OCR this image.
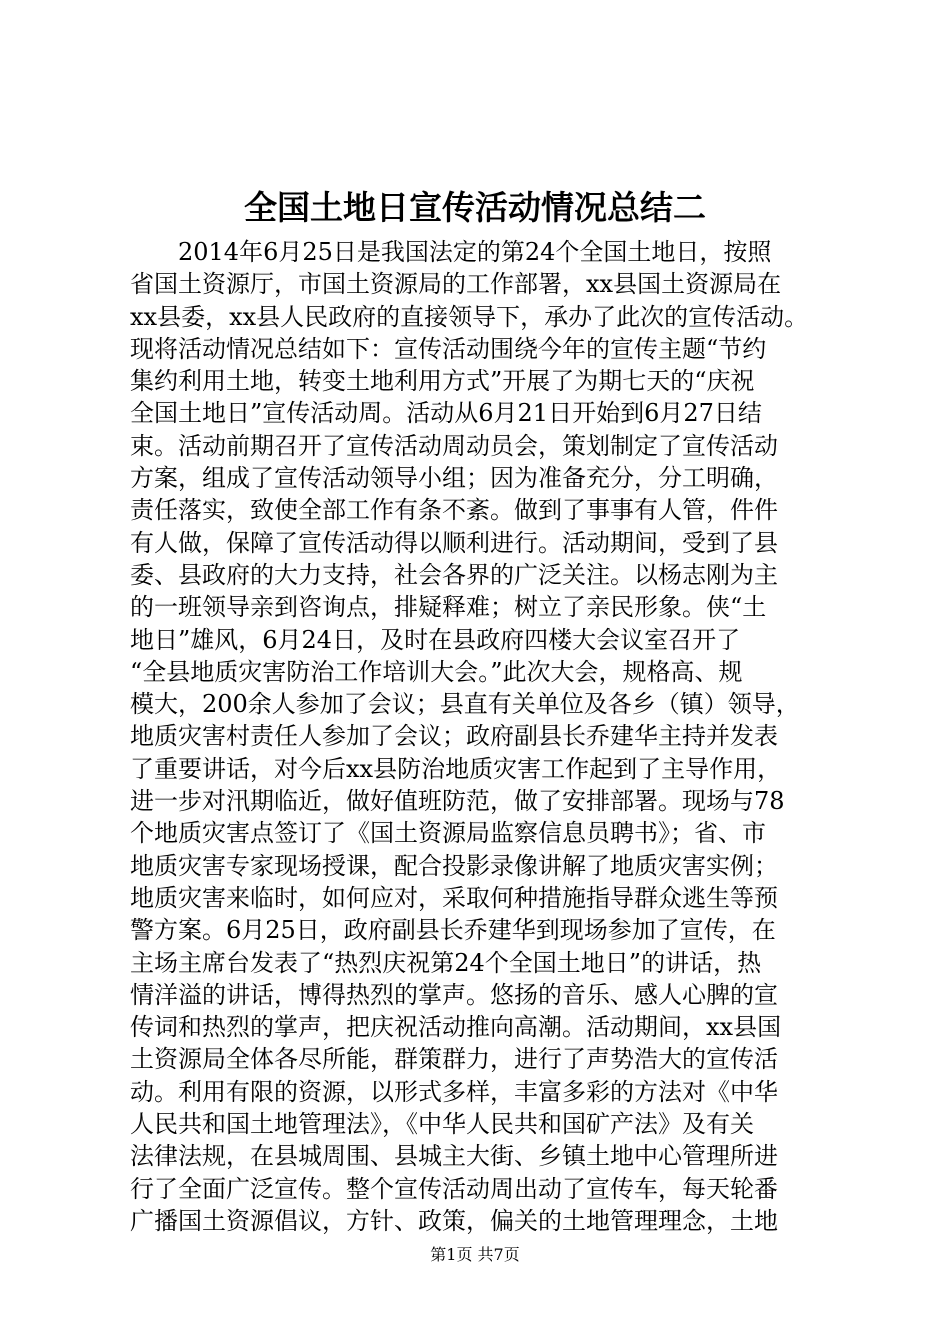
全国土地日宣传活动情况总结二
2014年6月25日是我国法定的第24个全国土地日，按照
省国土资源厅，市国土资源局的工作部署，xx县国土资源局在
xx县委，xx县人民政府的直接领导下，承办了此次的宣传活动。
现将活动情况总结如下：宣传活动围绕今年的宣传主题“节约
集约利用土地，转变土地利用方式”开展了为期七天的“庆祝
全国土地日”宣传活动周。活动从6月21日开始到6月27日结
束。活动前期召开了宣传活动周动员会，策划制定了宣传活动
方案，组成了宣传活动领导小组；因为准备充分，分工明确，
责任落实，致使全部工作有条不紊。做到了事事有人管，件件
有人做，保障了宣传活动得以顺利进行。活动期间，受到了县
委、县政府的大力支持，社会各界的广泛关注。以杨志刚为主
的一班领导亲到咨询点，排疑释难；树立了亲民形象。侠“土
地日”雄风，6月24日，及时在县政府四楼大会议室召开了
“全县地质灾害防治工作培训大会。”此次大会，规格高、规
模大，200余人参加了会议；县直有关单位及各乡（镇）领导，
地质灾害村责任人参加了会议；政府副县长乔建华主持并发表
了重要讲话，对今后xx县防治地质灾害工作起到了主导作用，
进一步对汛期临近，做好值班防范，做了安排部署。现场与78
个地质灾害点签订了《国土资源局监察信息员聘书》；省、市
地质灾害专家现场授课，配合投影录像讲解了地质灾害实例；
地质灾害来临时，如何应对，采取何种措施指导群众逃生等预
警方案。6月25日，政府副县长乔建华到现场参加了宣传，在
主场主席台发表了“热烈庆祝第24个全国土地日”的讲话，热
情洋溢的讲话，博得热烈的掌声。悠扬的音乐、感人心脾的宣
传词和热烈的掌声，把庆祝活动推向高潮。活动期间，xx县国
土资源局全体各尽所能，群策群力，进行了声势浩大的宣传活
动。利用有限的资源，以形式多样，丰富多彩的方法对《中华
人民共和国土地管理法》，《中华人民共和国矿产法》及有关
法律法规，在县城周围、县城主大街、乡镇土地中心管理所进
行了全面广泛宣传。整个宣传活动周出动了宣传车，每天轮番
广播国土资源倡议，方针、政策，偏关的土地管理理念，土地
第1页 共7页
